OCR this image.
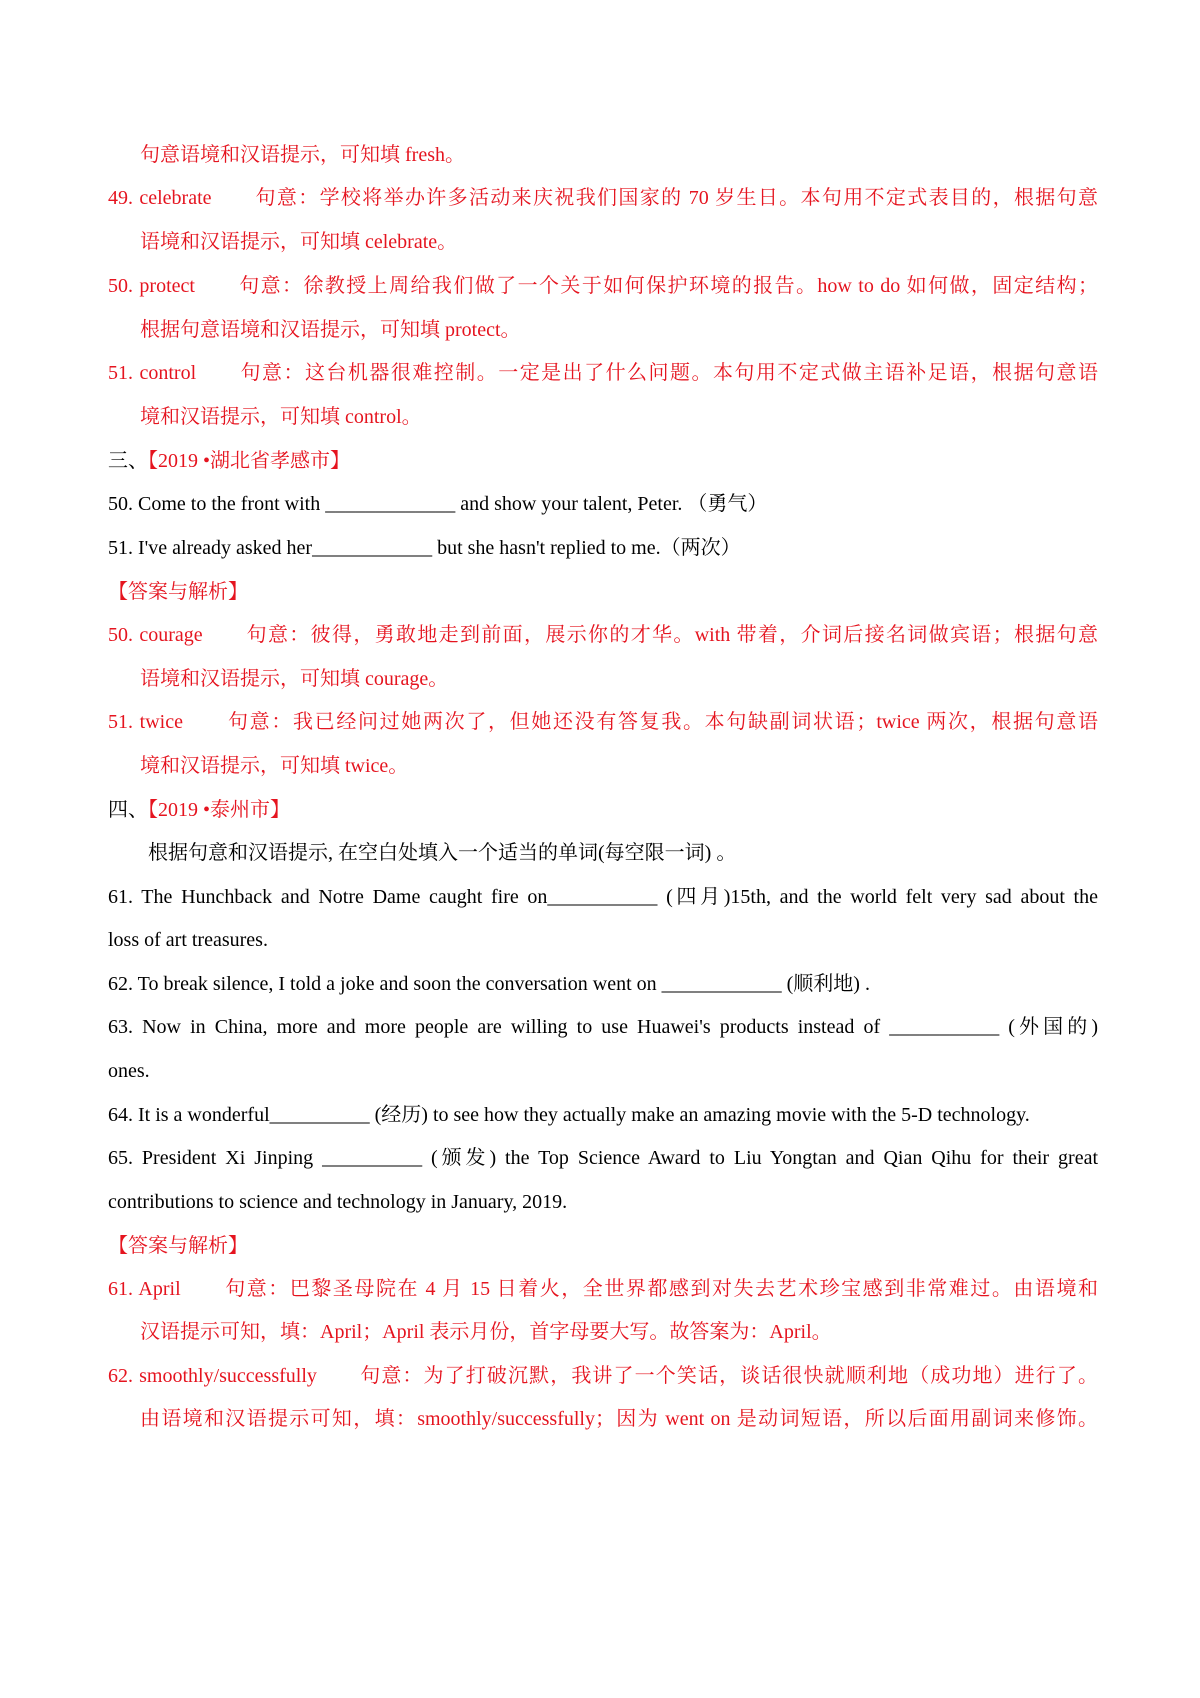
句意语境和汉语提示，可知填 fresh。
49. celebrate　　句意：学校将举办许多活动来庆祝我们国家的 70 岁生日。本句用不定式表目的，根据句意
语境和汉语提示，可知填 celebrate。
50. protect　　句意：徐教授上周给我们做了一个关于如何保护环境的报告。how to do 如何做，固定结构；
根据句意语境和汉语提示，可知填 protect。
51. control　　句意：这台机器很难控制。一定是出了什么问题。本句用不定式做主语补足语，根据句意语
境和汉语提示，可知填 control。
三、【2019 •湖北省孝感市】
50. Come to the front with _____________ and show your talent, Peter. （勇气）
51. I've already asked her____________ but she hasn't replied to me.（两次）
【答案与解析】
50. courage　　句意：彼得，勇敢地走到前面，展示你的才华。with 带着，介词后接名词做宾语；根据句意
语境和汉语提示，可知填 courage。
51. twice　　句意：我已经问过她两次了，但她还没有答复我。本句缺副词状语；twice 两次，根据句意语
境和汉语提示，可知填 twice。
四、【2019 •泰州市】
根据句意和汉语提示, 在空白处填入一个适当的单词(每空限一词) 。
61. The Hunchback and Notre Dame caught fire on___________ (四月)15th, and the world felt very sad about the
loss of art treasures.
62. To break silence, I told a joke and soon the conversation went on ____________ (顺利地) .
63. Now in China, more and more people are willing to use Huawei's products instead of ___________ (外国的)
ones.
64. It is a wonderful__________ (经历) to see how they actually make an amazing movie with the 5-D technology.
65. President Xi Jinping __________ (颁发) the Top Science Award to Liu Yongtan and Qian Qihu for their great
contributions to science and technology in January, 2019.
【答案与解析】
61. April　　句意：巴黎圣母院在 4 月 15 日着火，全世界都感到对失去艺术珍宝感到非常难过。由语境和
汉语提示可知，填：April；April 表示月份，首字母要大写。故答案为：April。
62. smoothly/successfully　　句意：为了打破沉默，我讲了一个笑话，谈话很快就顺利地（成功地）进行了。
由语境和汉语提示可知，填：smoothly/successfully；因为 went on 是动词短语，所以后面用副词来修饰。
